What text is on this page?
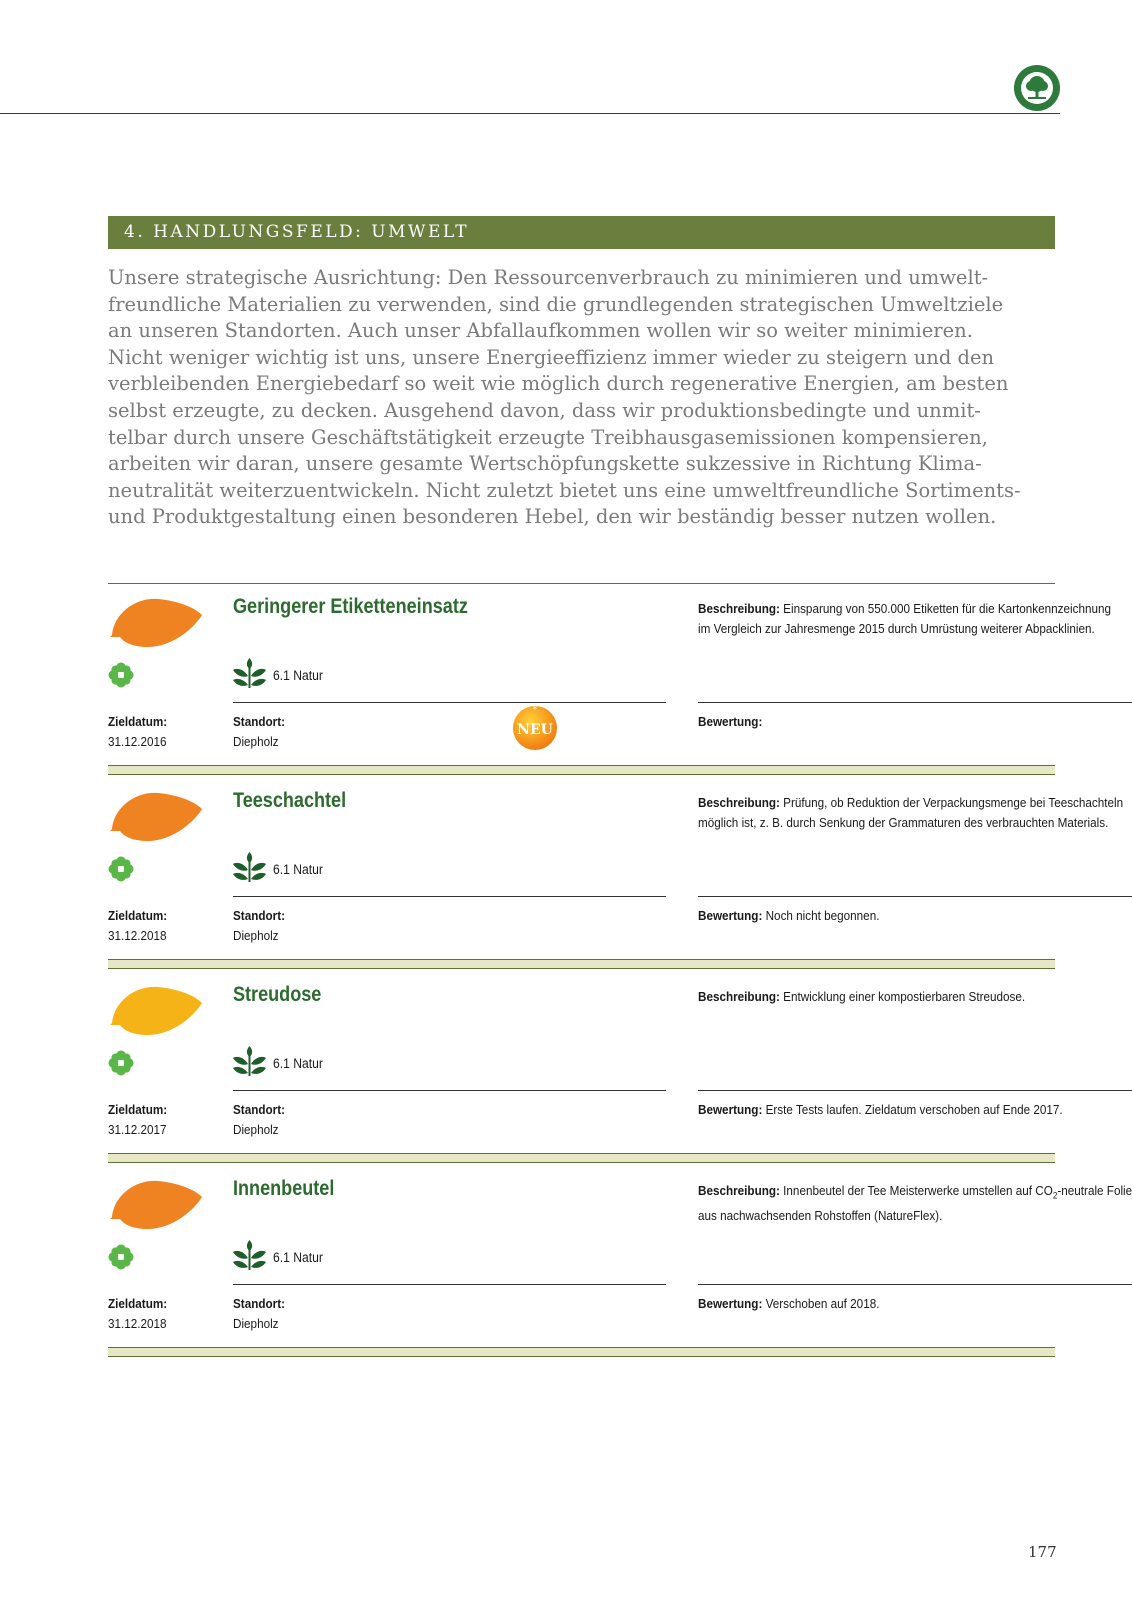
4. HANDLUNGSFELD: UMWELT

Unsere strategische Ausrichtung: Den Ressourcenverbrauch zu minimieren und umwelt-
freundliche Materialien zu verwenden, sind die grundlegenden strategischen Umweltziele
an unseren Standorten. Auch unser Abfallaufkommen wollen wir so weiter minimieren.
Nicht weniger wichtig ist uns, unsere Energieeffizienz immer wieder zu steigern und den
verbleibenden Energiebedarf so weit wie möglich durch regenerative Energien, am besten
selbst erzeugte, zu decken. Ausgehend davon, dass wir produktionsbedingte und unmit-
telbar durch unsere Geschäftstätigkeit erzeugte Treibhausgasemissionen kompensieren,
arbeiten wir daran, unsere gesamte Wertschöpfungskette sukzessive in Richtung Klima-
neutralität weiterzuentwickeln. Nicht zuletzt bietet uns eine umweltfreundliche Sortiments-
und Produktgestaltung einen besonderen Hebel, den wir beständig besser nutzen wollen.

Geringerer Etiketteneinsatz
6.1 Natur
Beschreibung: Einsparung von 550.000 Etiketten für die Kartonkennzeichnung
im Vergleich zur Jahresmenge 2015 durch Umrüstung weiterer Abpacklinien.
Zieldatum:
31.12.2016
Standort:
Diepholz
Bewertung:
*
NEU
Teeschachtel
6.1 Natur
Beschreibung: Prüfung, ob Reduktion der Verpackungsmenge bei Teeschachteln
möglich ist, z. B. durch Senkung der Grammaturen des verbrauchten Materials.
Zieldatum:
31.12.2018
Standort:
Diepholz
Bewertung: Noch nicht begonnen.
Streudose
6.1 Natur
Beschreibung: Entwicklung einer kompostierbaren Streudose.

Zieldatum:
31.12.2017
Standort:
Diepholz
Bewertung: Erste Tests laufen. Zieldatum verschoben auf Ende 2017.
Innenbeutel
6.1 Natur
Beschreibung: Innenbeutel der Tee Meisterwerke umstellen auf $CO_2$-neutrale Folie
aus nachwachsenden Rohstoffen (NatureFlex).
Zieldatum:
31.12.2018
Standort:
Diepholz
Bewertung: Verschoben auf 2018.
177
